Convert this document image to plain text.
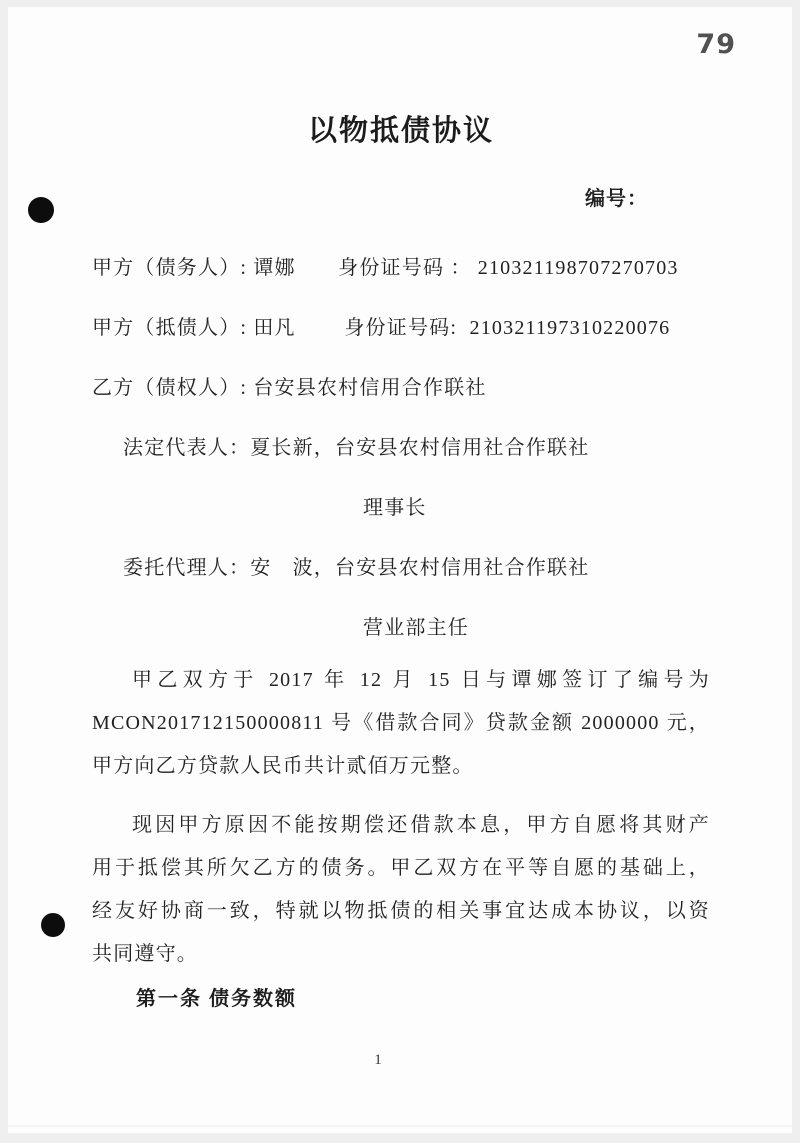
79
以物抵债协议
编号：
甲方（债务人）: 谭娜　　身份证号码 ： 210321198707270703
甲方（抵债人）: 田凡　　 身份证号码:  210321197310220076
乙方（债权人）: 台安县农村信用合作联社
法定代表人：夏长新，台安县农村信用社合作联社
理事长
委托代理人：安　波，台安县农村信用社合作联社
营业部主任
甲乙双方于 2017 年 12 月 15 日与谭娜签订了编号为
MCON201712150000811 号《借款合同》贷款金额 2000000 元，
甲方向乙方贷款人民币共计贰佰万元整。
现因甲方原因不能按期偿还借款本息，甲方自愿将其财产
用于抵偿其所欠乙方的债务。甲乙双方在平等自愿的基础上，
经友好协商一致，特就以物抵债的相关事宜达成本协议，以资
共同遵守。
第一条 债务数额
1
